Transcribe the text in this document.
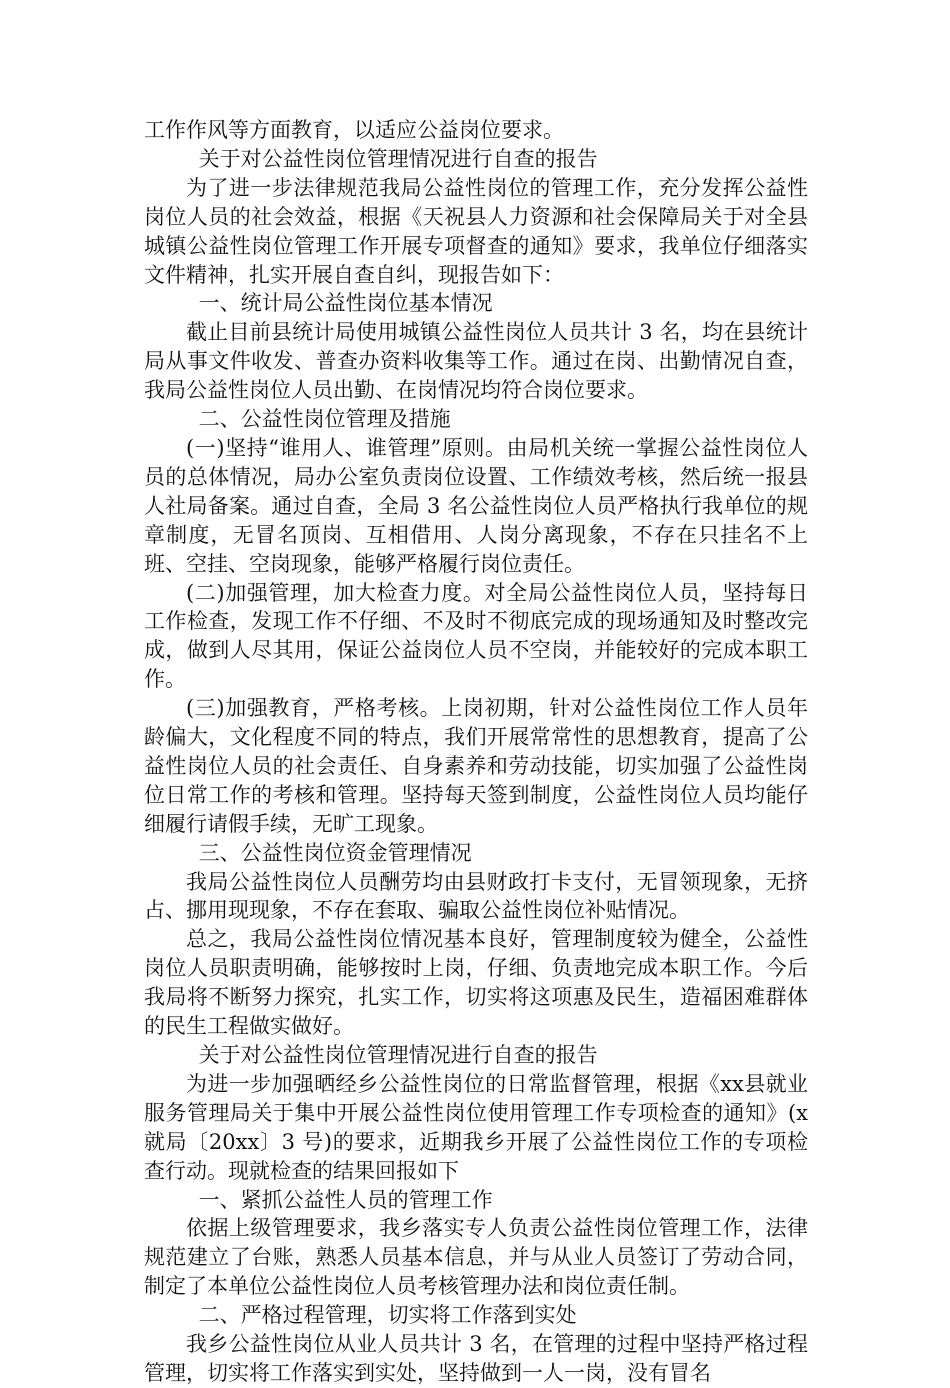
工作作风等方面教育，以适应公益岗位要求。

关于对公益性岗位管理情况进行自查的报告

为了进一步法律规范我局公益性岗位的管理工作，充分发挥公益性岗位人员的社会效益，根据《天祝县人力资源和社会保障局关于对全县城镇公益性岗位管理工作开展专项督查的通知》要求，我单位仔细落实文件精神，扎实开展自查自纠，现报告如下：

一、统计局公益性岗位基本情况

截止目前县统计局使用城镇公益性岗位人员共计 3 名，均在县统计局从事文件收发、普查办资料收集等工作。通过在岗、出勤情况自查，我局公益性岗位人员出勤、在岗情况均符合岗位要求。

二、公益性岗位管理及措施

(一)坚持“谁用人、谁管理”原则。由局机关统一掌握公益性岗位人员的总体情况，局办公室负责岗位设置、工作绩效考核，然后统一报县人社局备案。通过自查，全局 3 名公益性岗位人员严格执行我单位的规章制度，无冒名顶岗、互相借用、人岗分离现象，不存在只挂名不上班、空挂、空岗现象，能够严格履行岗位责任。

(二)加强管理，加大检查力度。对全局公益性岗位人员，坚持每日工作检查，发现工作不仔细、不及时不彻底完成的现场通知及时整改完成，做到人尽其用，保证公益岗位人员不空岗，并能较好的完成本职工作。

(三)加强教育，严格考核。上岗初期，针对公益性岗位工作人员年龄偏大，文化程度不同的特点，我们开展常常性的思想教育，提高了公益性岗位人员的社会责任、自身素养和劳动技能，切实加强了公益性岗位日常工作的考核和管理。坚持每天签到制度，公益性岗位人员均能仔细履行请假手续，无旷工现象。

三、公益性岗位资金管理情况

我局公益性岗位人员酬劳均由县财政打卡支付，无冒领现象，无挤占、挪用现现象，不存在套取、骗取公益性岗位补贴情况。

总之，我局公益性岗位情况基本良好，管理制度较为健全，公益性岗位人员职责明确，能够按时上岗，仔细、负责地完成本职工作。今后我局将不断努力探究，扎实工作，切实将这项惠及民生，造福困难群体的民生工程做实做好。

关于对公益性岗位管理情况进行自查的报告

为进一步加强晒经乡公益性岗位的日常监督管理，根据《xx县就业服务管理局关于集中开展公益性岗位使用管理工作专项检查的通知》(x 就局〔20xx〕3 号)的要求，近期我乡开展了公益性岗位工作的专项检查行动。现就检查的结果回报如下

一、紧抓公益性人员的管理工作

依据上级管理要求，我乡落实专人负责公益性岗位管理工作，法律规范建立了台账，熟悉人员基本信息，并与从业人员签订了劳动合同，制定了本单位公益性岗位人员考核管理办法和岗位责任制。

二、严格过程管理，切实将工作落到实处

我乡公益性岗位从业人员共计 3 名，在管理的过程中坚持严格过程管理，切实将工作落实到实处，坚持做到一人一岗，没有冒名
